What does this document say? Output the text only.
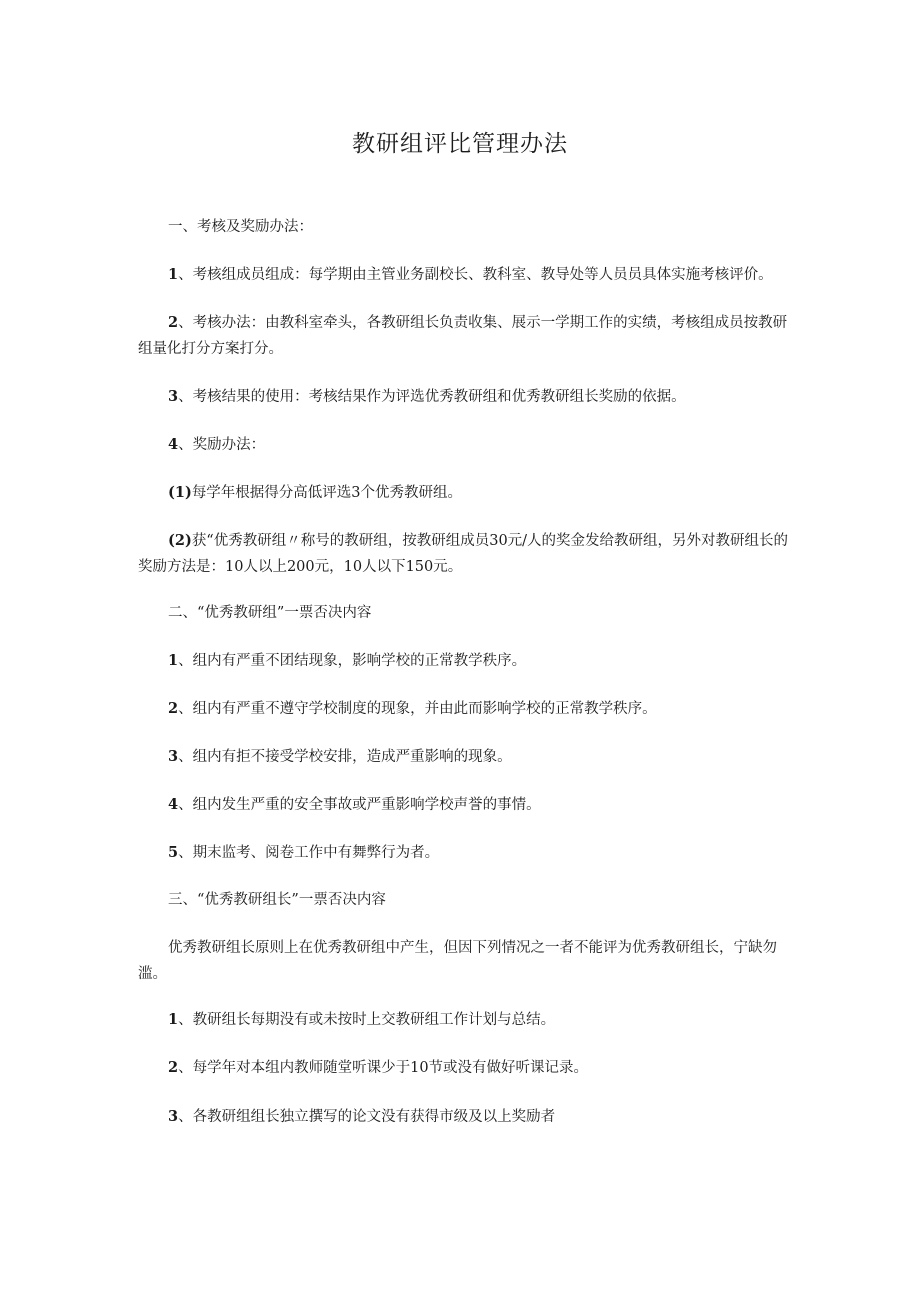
教研组评比管理办法

一、考核及奖励办法：

1、考核组成员组成：每学期由主管业务副校长、教科室、教导处等人员员具体实施考核评价。

2、考核办法：由教科室牵头，各教研组长负责收集、展示一学期工作的实绩，考核组成员按教研组量化打分方案打分。

3、考核结果的使用：考核结果作为评选优秀教研组和优秀教研组长奖励的依据。

4、奖励办法：

(1)每学年根据得分高低评选3个优秀教研组。

(2)获“优秀教研组〃称号的教研组，按教研组成员30元/人的奖金发给教研组，另外对教研组长的奖励方法是：10人以上200元，10人以下150元。

二、“优秀教研组”一票否决内容

1、组内有严重不团结现象，影响学校的正常教学秩序。

2、组内有严重不遵守学校制度的现象，并由此而影响学校的正常教学秩序。

3、组内有拒不接受学校安排，造成严重影响的现象。

4、组内发生严重的安全事故或严重影响学校声誉的事情。

5、期末监考、阅卷工作中有舞弊行为者。

三、“优秀教研组长”一票否决内容

优秀教研组长原则上在优秀教研组中产生，但因下列情况之一者不能评为优秀教研组长，宁缺勿滥。

1、教研组长每期没有或未按时上交教研组工作计划与总结。

2、每学年对本组内教师随堂听课少于10节或没有做好听课记录。

3、各教研组组长独立撰写的论文没有获得市级及以上奖励者
